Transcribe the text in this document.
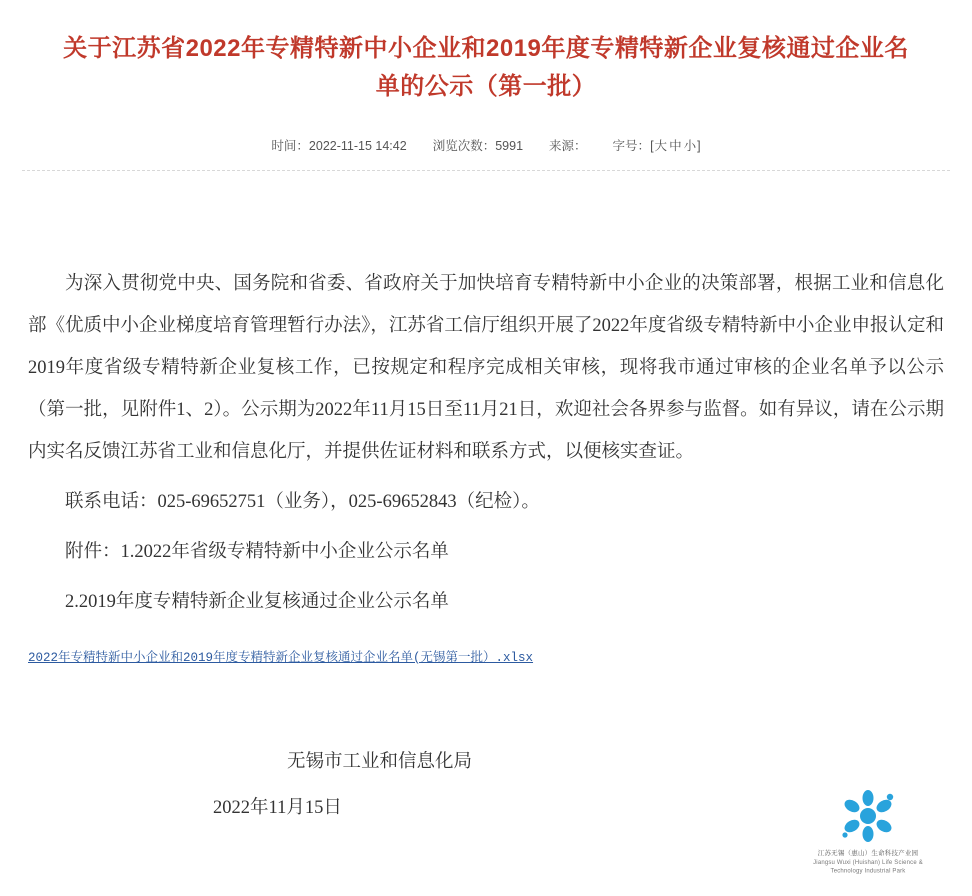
关于江苏省2022年专精特新中小企业和2019年度专精特新企业复核通过企业名单的公示（第一批）
时间：2022-11-15 14:42 浏览次数：5991 来源： 字号：[大 中 小]

为深入贯彻党中央、国务院和省委、省政府关于加快培育专精特新中小企业的决策部署，根据工业和信息化部《优质中小企业梯度培育管理暂行办法》，江苏省工信厅组织开展了2022年度省级专精特新中小企业申报认定和2019年度省级专精特新企业复核工作，已按规定和程序完成相关审核，现将我市通过审核的企业名单予以公示（第一批，见附件1、2）。公示期为2022年11月15日至11月21日，欢迎社会各界参与监督。如有异议，请在公示期内实名反馈江苏省工业和信息化厅，并提供佐证材料和联系方式，以便核实查证。

联系电话：025-69652751（业务），025-69652843（纪检）。

附件：1.2022年省级专精特新中小企业公示名单

2.2019年度专精特新企业复核通过企业公示名单

2022年专精特新中小企业和2019年度专精特新企业复核通过企业名单(无锡第一批）.xlsx
无锡市工业和信息化局
2022年11月15日
江苏无锡（惠山）生命科技产业园
Jiangsu Wuxi (Huishan) Life Science & Technology Industrial Park
